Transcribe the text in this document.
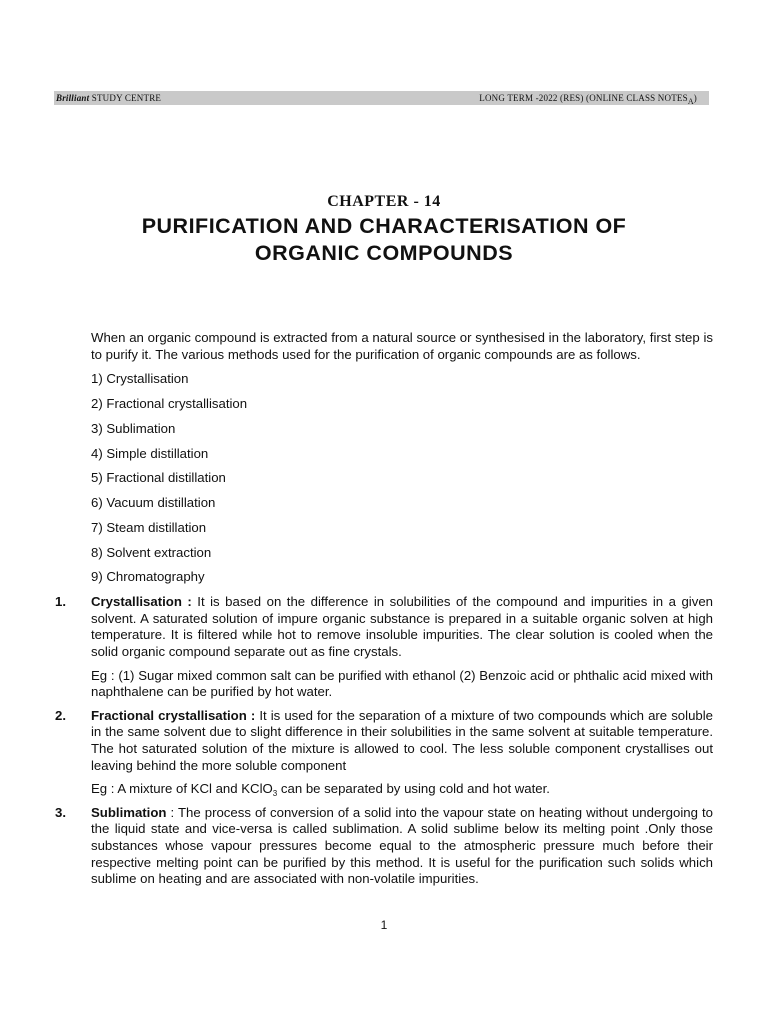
Brilliant STUDY CENTRE	LONG TERM -2022 (RES) (ONLINE CLASS $NOTES_A$)
CHAPTER - 14
PURIFICATION AND CHARACTERISATION OF
ORGANIC COMPOUNDS

When an organic compound is extracted from a natural source or synthesised in the laboratory, first step is to purify it. The various methods used for the purification of organic compounds are as follows.

1) Crystallisation
2) Fractional crystallisation
3) Sublimation
4) Simple distillation
5) Fractional distillation
6) Vacuum distillation
7) Steam distillation
8) Solvent extraction
9) Chromatography
1. Crystallisation : It is based on the difference in solubilities of the compound and impurities in a given solvent. A saturated solution of impure organic substance is prepared in a suitable organic solven at high temperature. It is filtered while hot to remove insoluble impurities. The clear solution is cooled when the solid organic compound separate out as fine crystals.

Eg : (1) Sugar mixed common salt can be purified with ethanol (2) Benzoic acid or phthalic acid mixed with naphthalene can be purified by hot water.

2. Fractional crystallisation : It is used for the separation of a mixture of two compounds which are soluble in the same solvent due to slight difference in their solubilities in the same solvent at suitable temperature. The hot saturated solution of the mixture is allowed to cool. The less soluble component crystallises out leaving behind the more soluble component

Eg : A mixture of KCl and KClO$_3$ can be separated by using cold and hot water.

3. Sublimation : The process of conversion of a solid into the vapour state on heating without undergoing to the liquid state and vice-versa is called sublimation. A solid sublime below its melting point .Only those substances whose vapour pressures become equal to the atmospheric pressure much before their respective melting point can be purified by this method. It is useful for the purification such solids which sublime on heating and are associated with non-volatile impurities.

1
